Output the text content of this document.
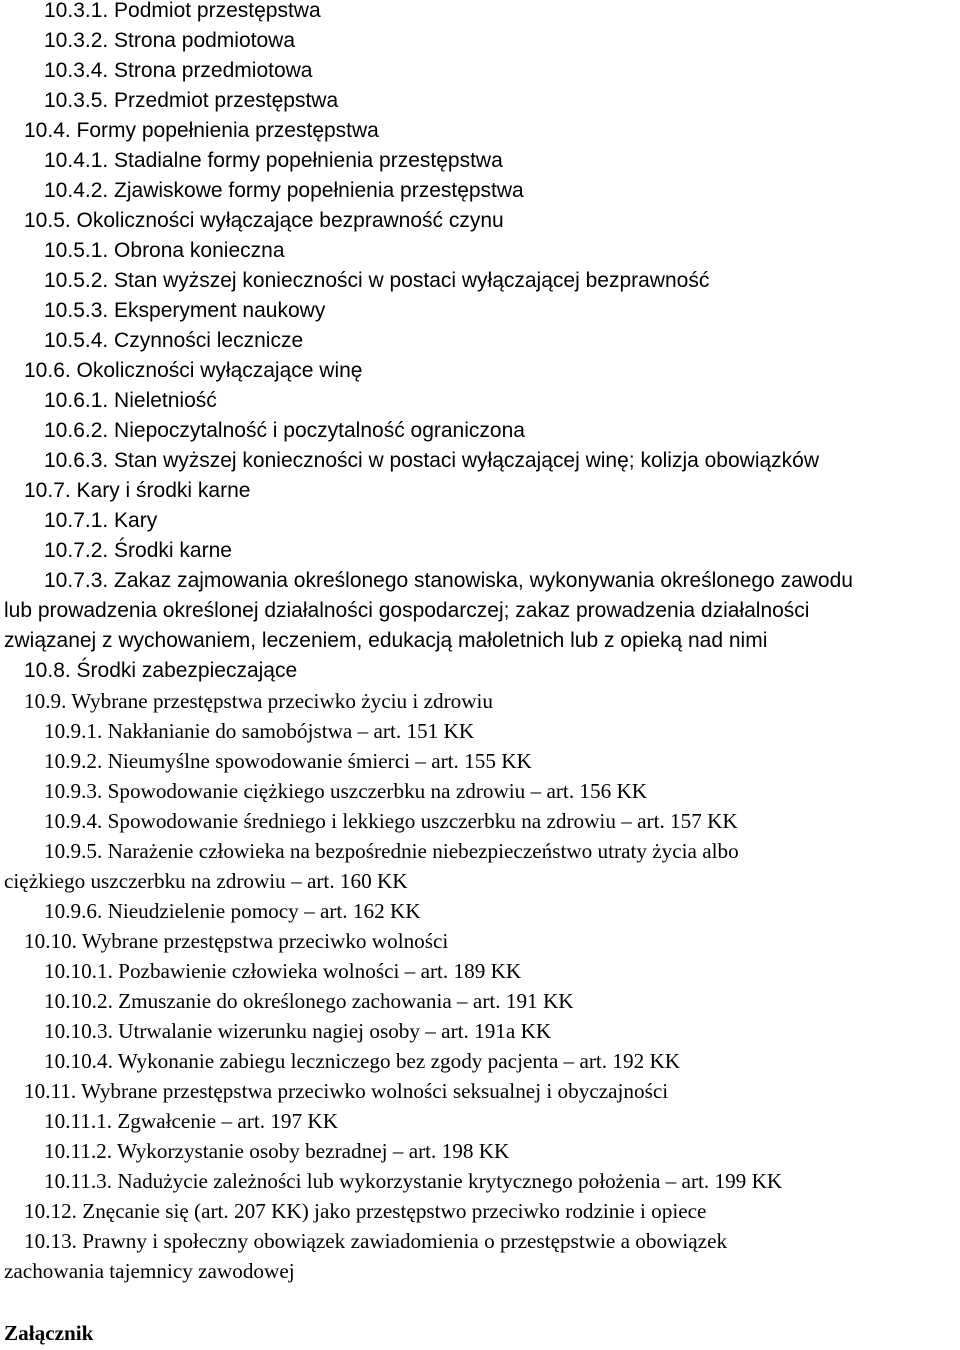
10.3.1. Podmiot przestępstwa
10.3.2. Strona podmiotowa
10.3.4. Strona przedmiotowa
10.3.5. Przedmiot przestępstwa
10.4. Formy popełnienia przestępstwa
10.4.1. Stadialne formy popełnienia przestępstwa
10.4.2. Zjawiskowe formy popełnienia przestępstwa
10.5. Okoliczności wyłączające bezprawność czynu
10.5.1. Obrona konieczna
10.5.2. Stan wyższej konieczności w postaci wyłączającej bezprawność
10.5.3. Eksperyment naukowy
10.5.4. Czynności lecznicze
10.6. Okoliczności wyłączające winę
10.6.1. Nieletniość
10.6.2. Niepoczytalność i poczytalność ograniczona
10.6.3. Stan wyższej konieczności w postaci wyłączającej winę; kolizja obowiązków
10.7. Kary i środki karne
10.7.1. Kary
10.7.2. Środki karne
10.7.3. Zakaz zajmowania określonego stanowiska, wykonywania określonego zawodu
lub prowadzenia określonej działalności gospodarczej; zakaz prowadzenia działalności
związanej z wychowaniem, leczeniem, edukacją małoletnich lub z opieką nad nimi
10.8. Środki zabezpieczające
10.9. Wybrane przestępstwa przeciwko życiu i zdrowiu
10.9.1. Nakłanianie do samobójstwa – art. 151 KK
10.9.2. Nieumyślne spowodowanie śmierci – art. 155 KK
10.9.3. Spowodowanie ciężkiego uszczerbku na zdrowiu – art. 156 KK
10.9.4. Spowodowanie średniego i lekkiego uszczerbku na zdrowiu – art. 157 KK
10.9.5. Narażenie człowieka na bezpośrednie niebezpieczeństwo utraty życia albo
ciężkiego uszczerbku na zdrowiu – art. 160 KK
10.9.6. Nieudzielenie pomocy – art. 162 KK
10.10. Wybrane przestępstwa przeciwko wolności
10.10.1. Pozbawienie człowieka wolności – art. 189 KK
10.10.2. Zmuszanie do określonego zachowania – art. 191 KK
10.10.3. Utrwalanie wizerunku nagiej osoby – art. 191a KK
10.10.4. Wykonanie zabiegu leczniczego bez zgody pacjenta – art. 192 KK
10.11. Wybrane przestępstwa przeciwko wolności seksualnej i obyczajności
10.11.1. Zgwałcenie – art. 197 KK
10.11.2. Wykorzystanie osoby bezradnej – art. 198 KK
10.11.3. Nadużycie zależności lub wykorzystanie krytycznego położenia – art. 199 KK
10.12. Znęcanie się (art. 207 KK) jako przestępstwo przeciwko rodzinie i opiece
10.13. Prawny i społeczny obowiązek zawiadomienia o przestępstwie a obowiązek
zachowania tajemnicy zawodowej
Załącznik
